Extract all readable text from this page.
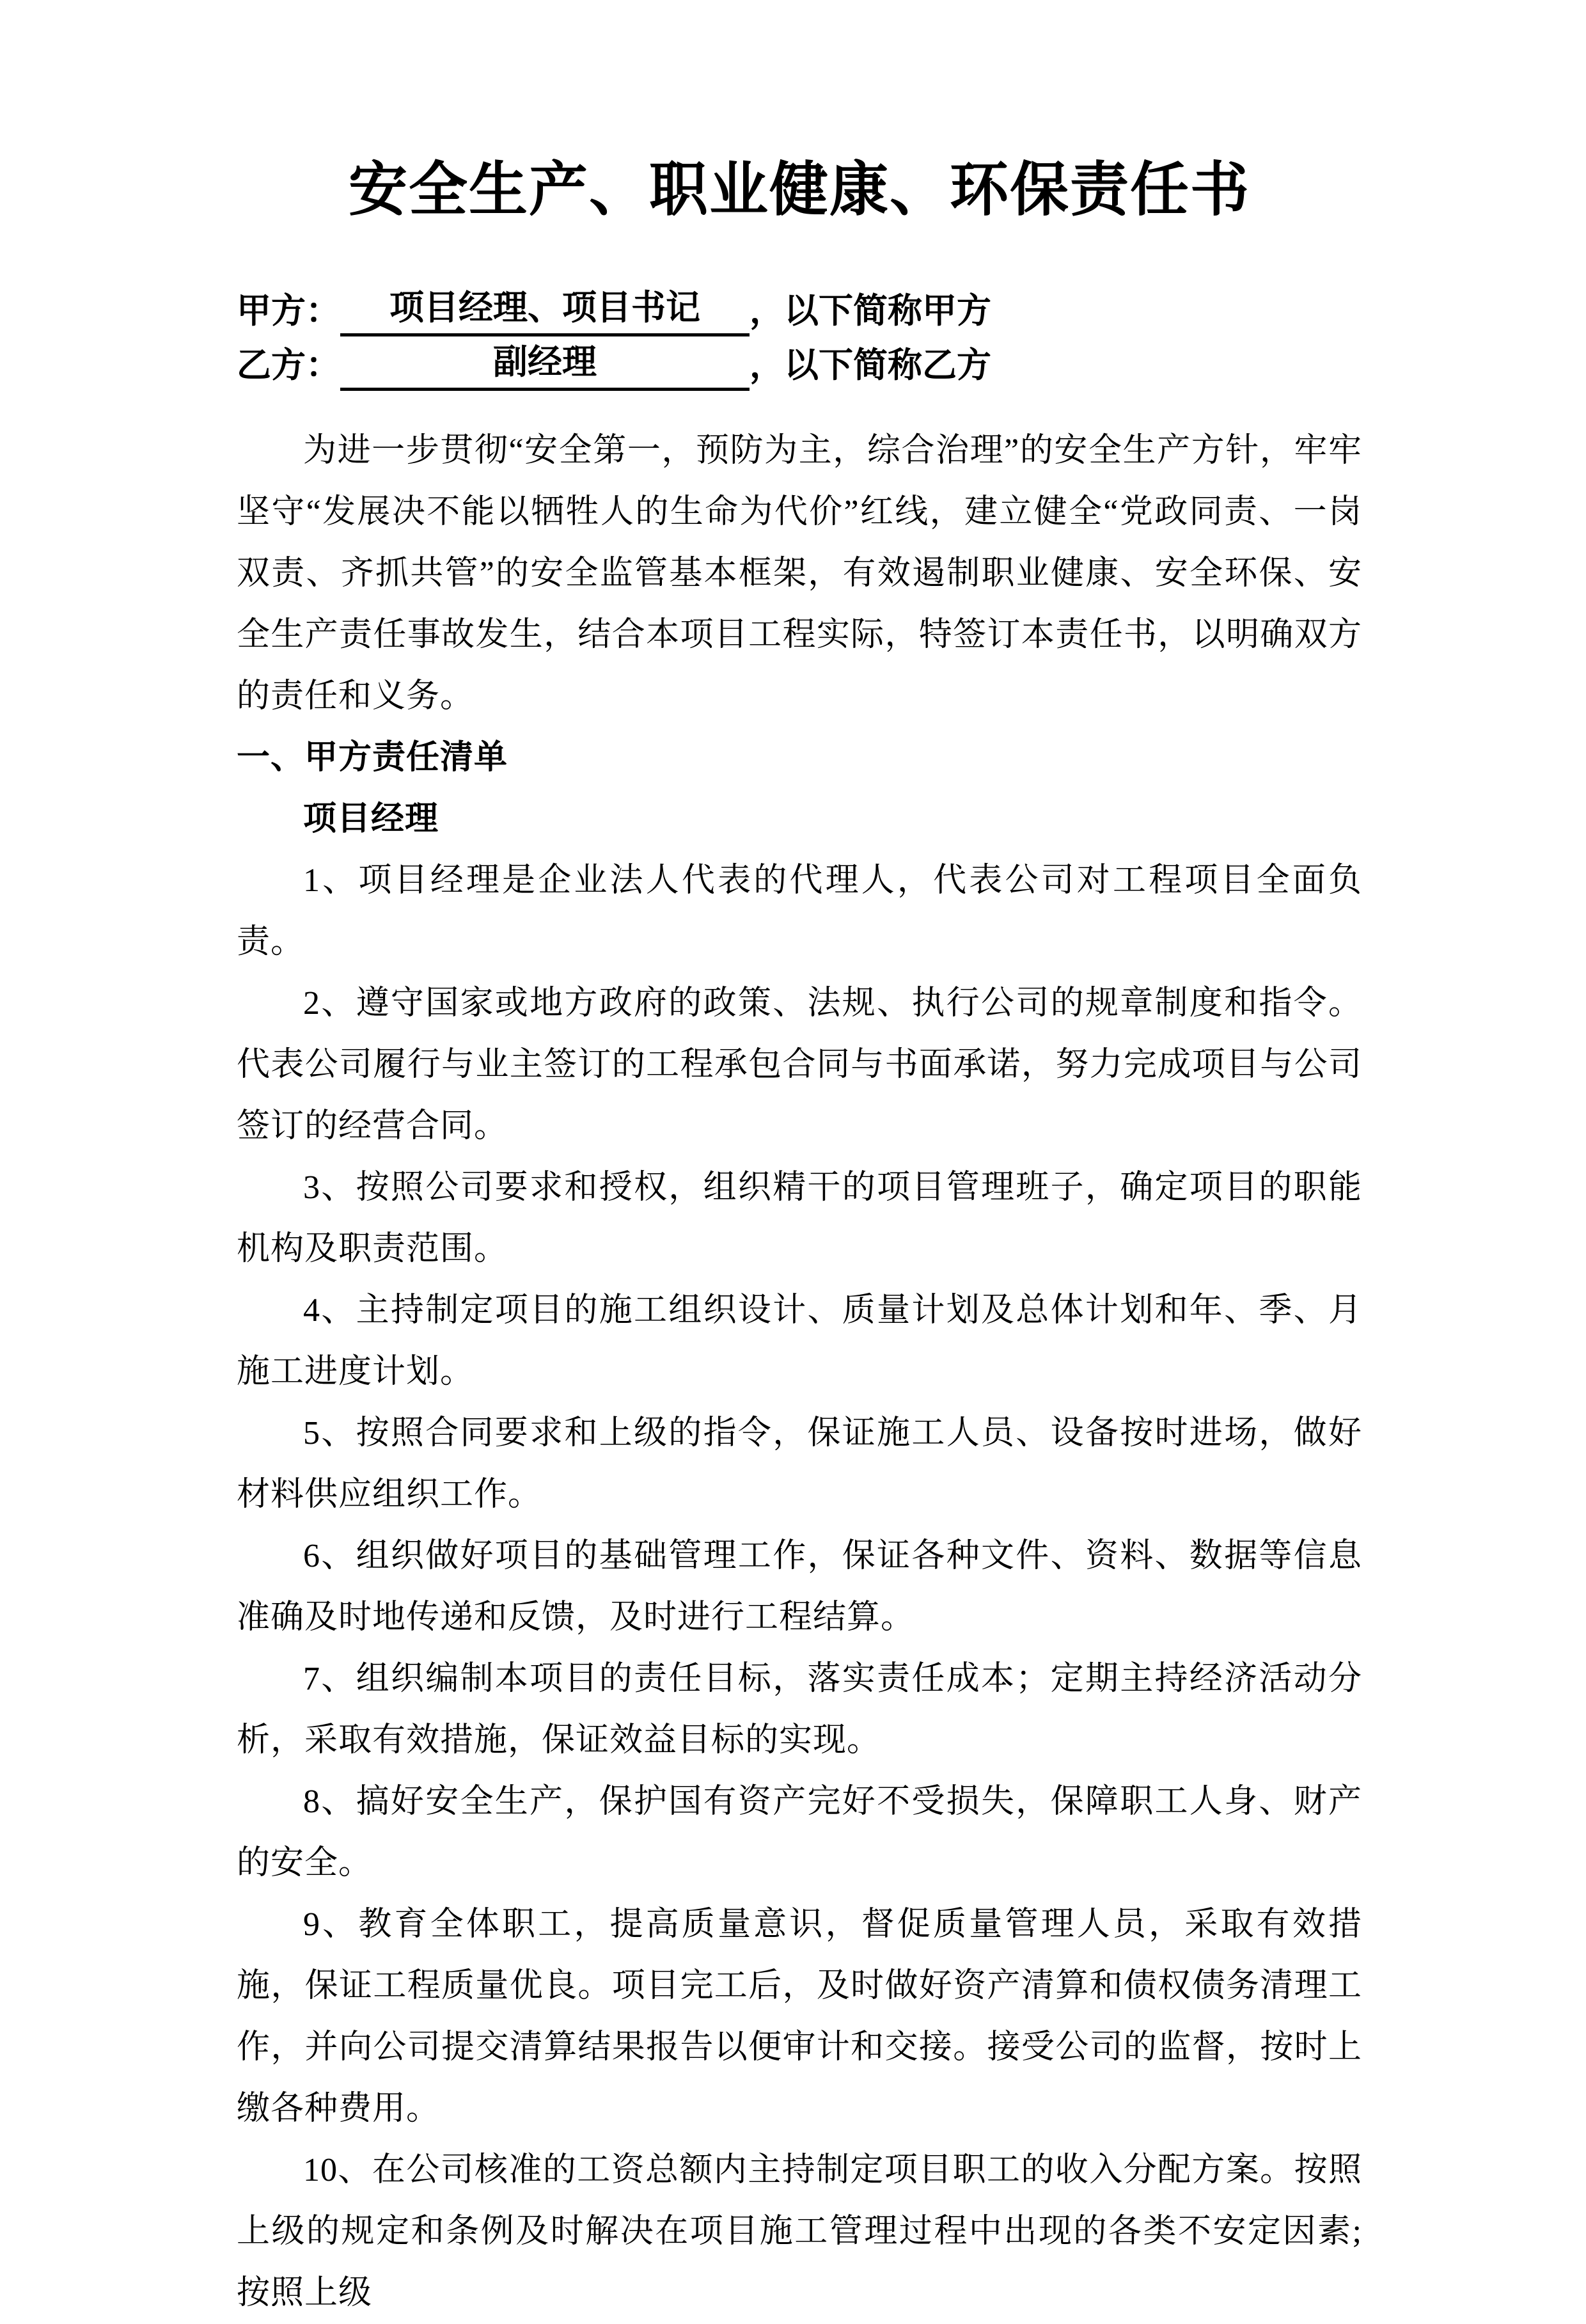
安全生产、职业健康、环保责任书
甲方： 项目经理、项目书记 ，以下简称甲方
乙方：	副经理	，以下简称乙方

为进一步贯彻“安全第一，预防为主，综合治理”的安全生产方针，牢牢坚守“发展决不能以牺牲人的生命为代价”红线，建立健全“党政同责、一岗双责、齐抓共管”的安全监管基本框架，有效遏制职业健康、安全环保、安全生产责任事故发生，结合本项目工程实际，特签订本责任书，以明确双方的责任和义务。

一、甲方责任清单

项目经理

1、项目经理是企业法人代表的代理人，代表公司对工程项目全面负责。

2、遵守国家或地方政府的政策、法规、执行公司的规章制度和指令。代表公司履行与业主签订的工程承包合同与书面承诺，努力完成项目与公司签订的经营合同。

3、按照公司要求和授权，组织精干的项目管理班子，确定项目的职能机构及职责范围。

4、主持制定项目的施工组织设计、质量计划及总体计划和年、季、月施工进度计划。

5、按照合同要求和上级的指令，保证施工人员、设备按时进场，做好材料供应组织工作。

6、组织做好项目的基础管理工作，保证各种文件、资料、数据等信息准确及时地传递和反馈，及时进行工程结算。

7、组织编制本项目的责任目标，落实责任成本；定期主持经济活动分析，采取有效措施，保证效益目标的实现。

8、搞好安全生产，保护国有资产完好不受损失，保障职工人身、财产的安全。

9、教育全体职工，提高质量意识，督促质量管理人员，采取有效措施，保证工程质量优良。项目完工后，及时做好资产清算和债权债务清理工作，并向公司提交清算结果报告以便审计和交接。接受公司的监督，按时上缴各种费用。

10、在公司核准的工资总额内主持制定项目职工的收入分配方案。按照上级的规定和条例及时解决在项目施工管理过程中出现的各类不安定因素;按照上级
